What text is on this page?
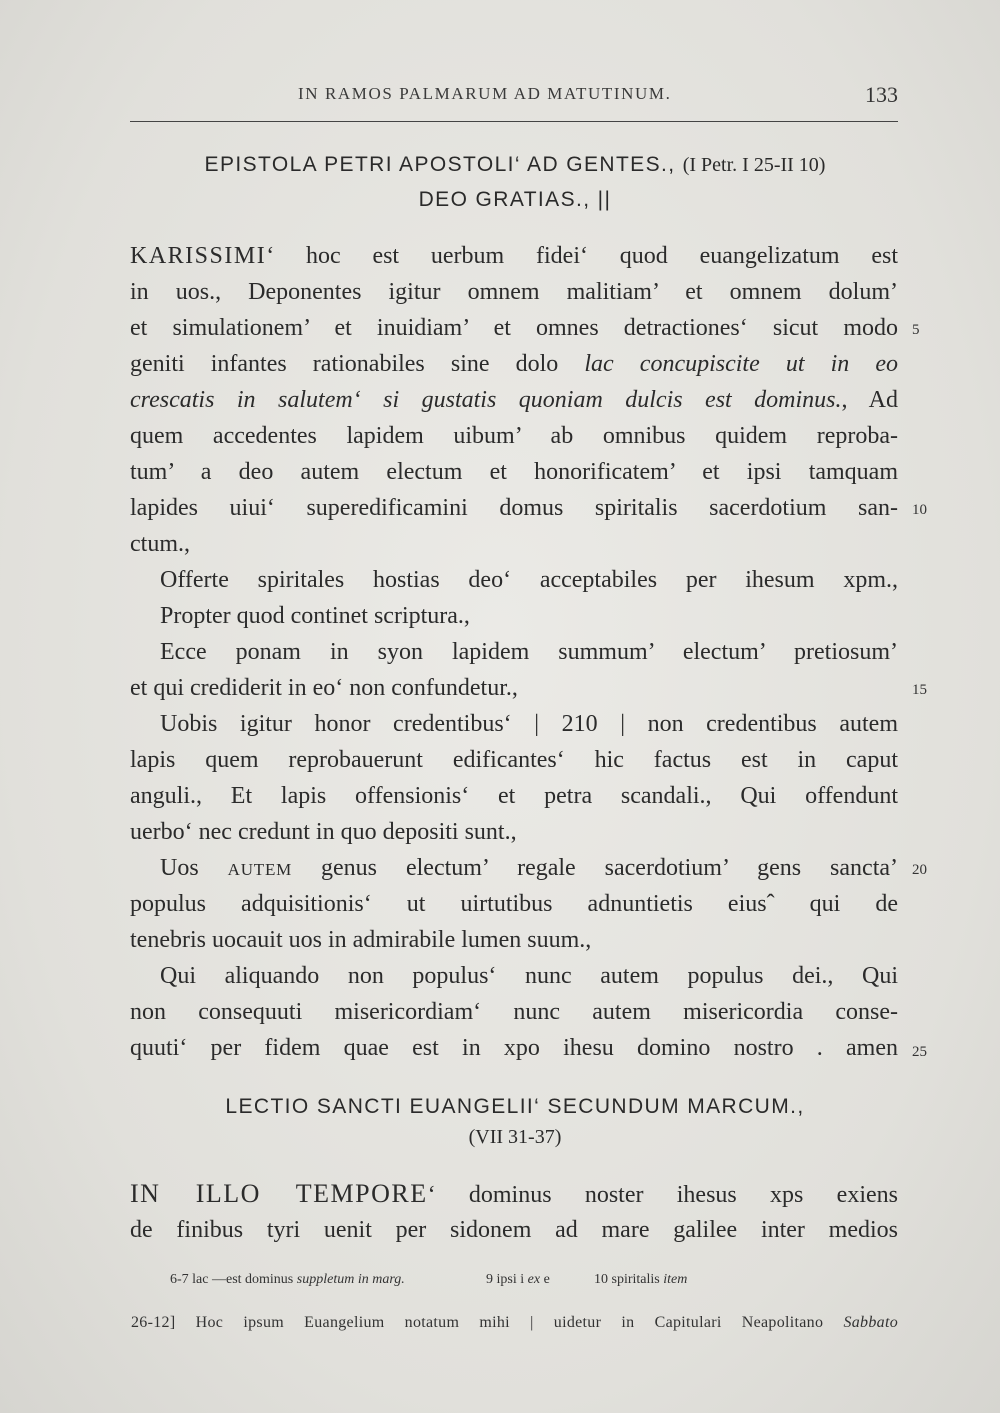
IN RAMOS PALMARUM AD MATUTINUM.	133
EPISTOLA PETRI APOSTOLI‘ AD GENTES., (I Petr. I 25-II 10)
DEO GRATIAS., ||
KARISSIMI‘ hoc est uerbum fidei‘ quod euangelizatum est
in uos., Deponentes igitur omnem malitiam’ et omnem dolum’
et simulationem’ et inuidiam’ et omnes detractiones‘ sicut modo
geniti infantes rationabiles sine dolo lac concupiscite ut in eo
crescatis in salutem‘ si gustatis quoniam dulcis est dominus., Ad
quem accedentes lapidem uibum’ ab omnibus quidem reproba-
tum’ a deo autem electum et honorificatem’ et ipsi tamquam
lapides uiui‘ superedificamini domus spiritalis sacerdotium san-
ctum.,
Offerte spiritales hostias deo‘ acceptabiles per ihesum xpm.,
Propter quod continet scriptura.,
Ecce ponam in syon lapidem summum’ electum’ pretiosum’
et qui crediderit in eo‘ non confundetur.,
Uobis igitur honor credentibus‘ | 210 | non credentibus autem
lapis quem reprobauerunt edificantes‘ hic factus est in caput
anguli., Et lapis offensionis‘ et petra scandali., Qui offendunt
uerbo‘ nec credunt in quo depositi sunt.,
Uos AUTEM genus electum’ regale sacerdotium’ gens sancta’
populus adquisitionis‘ ut uirtutibus adnuntietis eiusˆ qui de
tenebris uocauit uos in admirabile lumen suum.,
Qui aliquando non populus‘ nunc autem populus dei., Qui
non consequuti misericordiam‘ nunc autem misericordia conse-
quuti‘ per fidem quae est in xpo ihesu domino nostro . amen
5
10
15
20
25
LECTIO SANCTI EUANGELII‘ SECUNDUM MARCUM.,
(VII 31-37)
IN ILLO TEMPORE‘ dominus noster ihesus xps exiens
de finibus tyri uenit per sidonem ad mare galilee inter medios
6-7 lac —est dominus suppletum in marg.	9 ipsi i ex e	10 spiritalis item
26-12] Hoc ipsum Euangelium notatum mihi | uidetur in Capitulari Neapolitano Sabbato
